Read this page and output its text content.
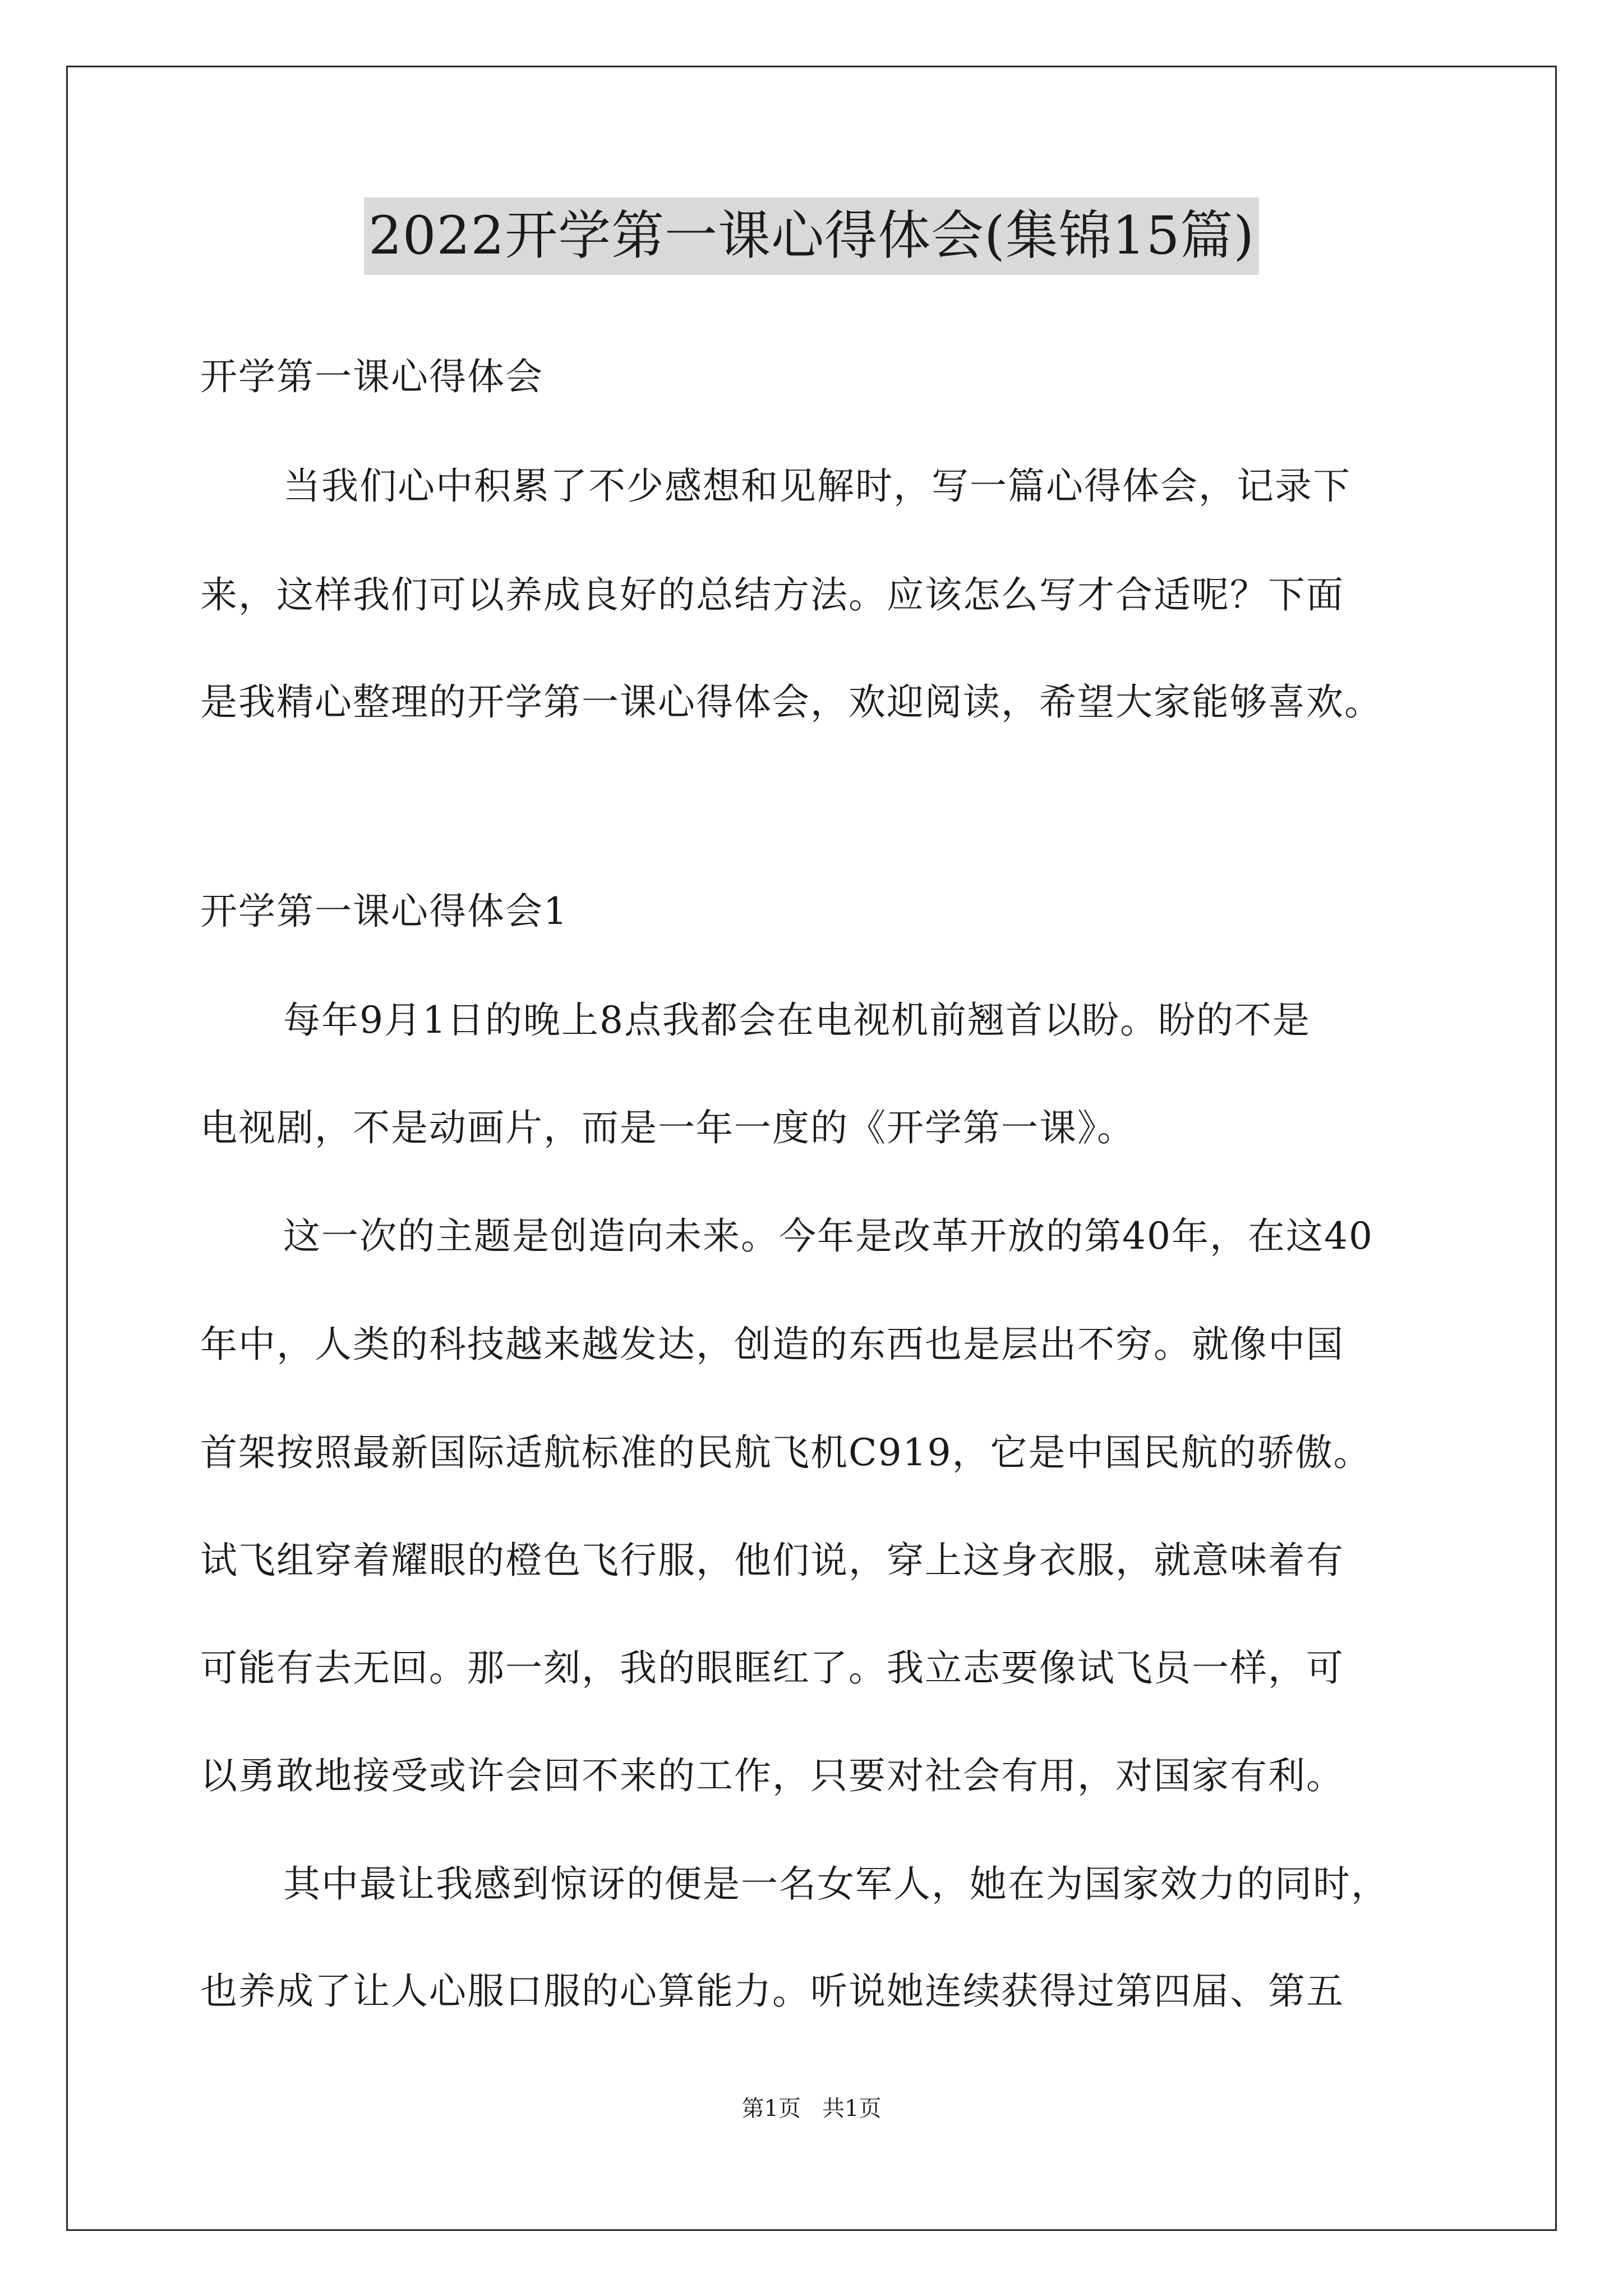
2022开学第一课心得体会(集锦15篇)
开学第一课心得体会
当我们心中积累了不少感想和见解时，写一篇心得体会，记录下
来，这样我们可以养成良好的总结方法。应该怎么写才合适呢？下面
是我精心整理的开学第一课心得体会，欢迎阅读，希望大家能够喜欢。
开学第一课心得体会1
每年9月1日的晚上8点我都会在电视机前翘首以盼。盼的不是
电视剧，不是动画片，而是一年一度的《开学第一课》。
这一次的主题是创造向未来。今年是改革开放的第40年，在这40
年中，人类的科技越来越发达，创造的东西也是层出不穷。就像中国
首架按照最新国际适航标准的民航飞机C919，它是中国民航的骄傲。
试飞组穿着耀眼的橙色飞行服，他们说，穿上这身衣服，就意味着有
可能有去无回。那一刻，我的眼眶红了。我立志要像试飞员一样，可
以勇敢地接受或许会回不来的工作，只要对社会有用，对国家有利。
其中最让我感到惊讶的便是一名女军人，她在为国家效力的同时，
也养成了让人心服口服的心算能力。听说她连续获得过第四届、第五
第1页   共1页
